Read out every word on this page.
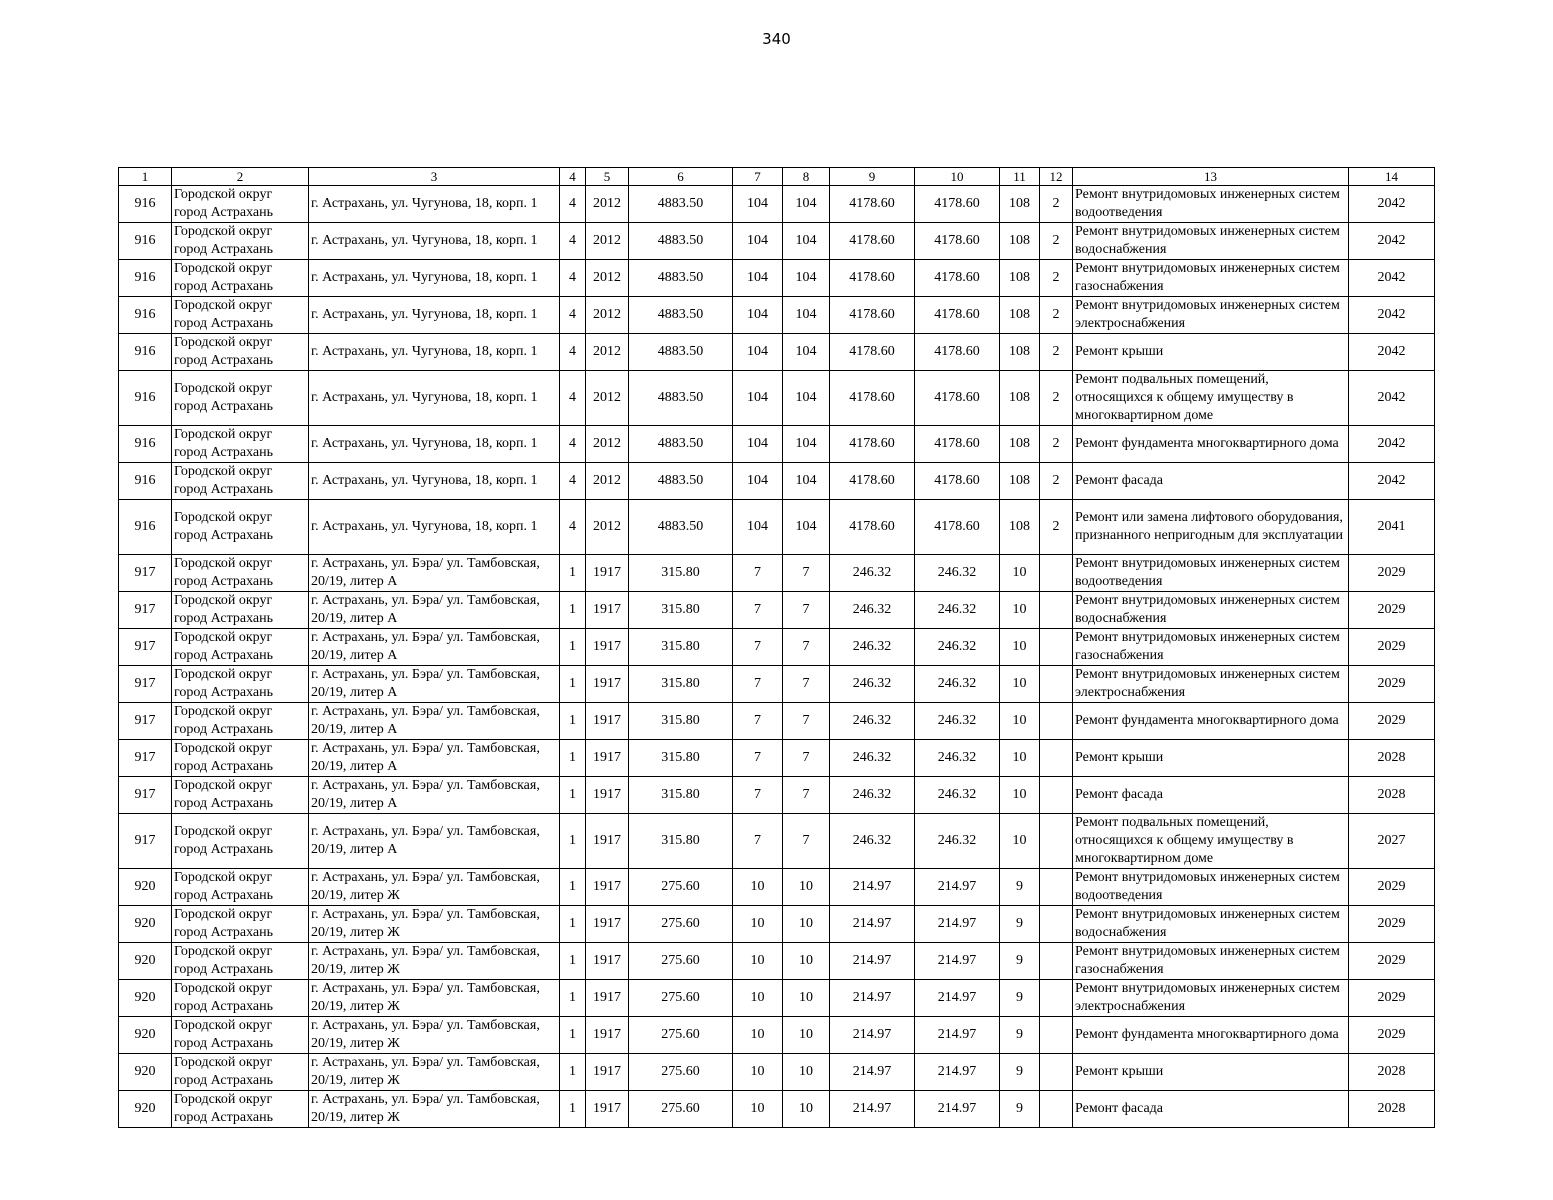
340
1	2	3	4	5	6	7	8	9	10	11	12	13	14
916	Городской округ город Астрахань	г. Астрахань, ул. Чугунова, 18, корп. 1	4	2012	4883.50	104	104	4178.60	4178.60	108	2	Ремонт внутридомовых инженерных систем водоотведения	2042
916	Городской округ город Астрахань	г. Астрахань, ул. Чугунова, 18, корп. 1	4	2012	4883.50	104	104	4178.60	4178.60	108	2	Ремонт внутридомовых инженерных систем водоснабжения	2042
916	Городской округ город Астрахань	г. Астрахань, ул. Чугунова, 18, корп. 1	4	2012	4883.50	104	104	4178.60	4178.60	108	2	Ремонт внутридомовых инженерных систем газоснабжения	2042
916	Городской округ город Астрахань	г. Астрахань, ул. Чугунова, 18, корп. 1	4	2012	4883.50	104	104	4178.60	4178.60	108	2	Ремонт внутридомовых инженерных систем электроснабжения	2042
916	Городской округ город Астрахань	г. Астрахань, ул. Чугунова, 18, корп. 1	4	2012	4883.50	104	104	4178.60	4178.60	108	2	Ремонт крыши	2042
916	Городской округ город Астрахань	г. Астрахань, ул. Чугунова, 18, корп. 1	4	2012	4883.50	104	104	4178.60	4178.60	108	2	Ремонт подвальных помещений, относящихся к общему имуществу в многоквартирном доме	2042
916	Городской округ город Астрахань	г. Астрахань, ул. Чугунова, 18, корп. 1	4	2012	4883.50	104	104	4178.60	4178.60	108	2	Ремонт фундамента многоквартирного дома	2042
916	Городской округ город Астрахань	г. Астрахань, ул. Чугунова, 18, корп. 1	4	2012	4883.50	104	104	4178.60	4178.60	108	2	Ремонт фасада	2042
916	Городской округ город Астрахань	г. Астрахань, ул. Чугунова, 18, корп. 1	4	2012	4883.50	104	104	4178.60	4178.60	108	2	Ремонт или замена лифтового оборудования, признанного непригодным для эксплуатации	2041
917	Городской округ город Астрахань	г. Астрахань, ул. Бэра/ ул. Тамбовская, 20/19, литер А	1	1917	315.80	7	7	246.32	246.32	10		Ремонт внутридомовых инженерных систем водоотведения	2029
917	Городской округ город Астрахань	г. Астрахань, ул. Бэра/ ул. Тамбовская, 20/19, литер А	1	1917	315.80	7	7	246.32	246.32	10		Ремонт внутридомовых инженерных систем водоснабжения	2029
917	Городской округ город Астрахань	г. Астрахань, ул. Бэра/ ул. Тамбовская, 20/19, литер А	1	1917	315.80	7	7	246.32	246.32	10		Ремонт внутридомовых инженерных систем газоснабжения	2029
917	Городской округ город Астрахань	г. Астрахань, ул. Бэра/ ул. Тамбовская, 20/19, литер А	1	1917	315.80	7	7	246.32	246.32	10		Ремонт внутридомовых инженерных систем электроснабжения	2029
917	Городской округ город Астрахань	г. Астрахань, ул. Бэра/ ул. Тамбовская, 20/19, литер А	1	1917	315.80	7	7	246.32	246.32	10		Ремонт фундамента многоквартирного дома	2029
917	Городской округ город Астрахань	г. Астрахань, ул. Бэра/ ул. Тамбовская, 20/19, литер А	1	1917	315.80	7	7	246.32	246.32	10		Ремонт крыши	2028
917	Городской округ город Астрахань	г. Астрахань, ул. Бэра/ ул. Тамбовская, 20/19, литер А	1	1917	315.80	7	7	246.32	246.32	10		Ремонт фасада	2028
917	Городской округ город Астрахань	г. Астрахань, ул. Бэра/ ул. Тамбовская, 20/19, литер А	1	1917	315.80	7	7	246.32	246.32	10		Ремонт подвальных помещений, относящихся к общему имуществу в многоквартирном доме	2027
920	Городской округ город Астрахань	г. Астрахань, ул. Бэра/ ул. Тамбовская, 20/19, литер Ж	1	1917	275.60	10	10	214.97	214.97	9		Ремонт внутридомовых инженерных систем водоотведения	2029
920	Городской округ город Астрахань	г. Астрахань, ул. Бэра/ ул. Тамбовская, 20/19, литер Ж	1	1917	275.60	10	10	214.97	214.97	9		Ремонт внутридомовых инженерных систем водоснабжения	2029
920	Городской округ город Астрахань	г. Астрахань, ул. Бэра/ ул. Тамбовская, 20/19, литер Ж	1	1917	275.60	10	10	214.97	214.97	9		Ремонт внутридомовых инженерных систем газоснабжения	2029
920	Городской округ город Астрахань	г. Астрахань, ул. Бэра/ ул. Тамбовская, 20/19, литер Ж	1	1917	275.60	10	10	214.97	214.97	9		Ремонт внутридомовых инженерных систем электроснабжения	2029
920	Городской округ город Астрахань	г. Астрахань, ул. Бэра/ ул. Тамбовская, 20/19, литер Ж	1	1917	275.60	10	10	214.97	214.97	9		Ремонт фундамента многоквартирного дома	2029
920	Городской округ город Астрахань	г. Астрахань, ул. Бэра/ ул. Тамбовская, 20/19, литер Ж	1	1917	275.60	10	10	214.97	214.97	9		Ремонт крыши	2028
920	Городской округ город Астрахань	г. Астрахань, ул. Бэра/ ул. Тамбовская, 20/19, литер Ж	1	1917	275.60	10	10	214.97	214.97	9		Ремонт фасада	2028
